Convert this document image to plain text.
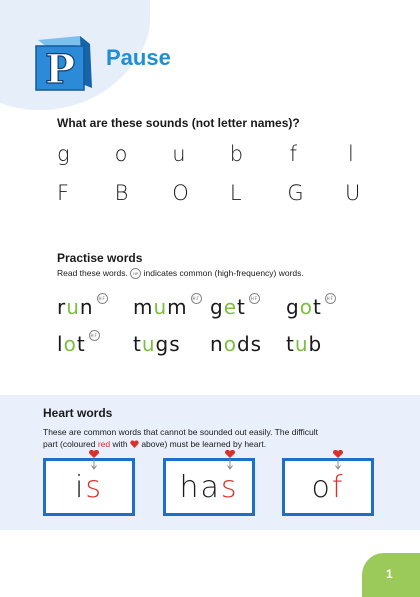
P Pause
What are these sounds (not letter names)?
g o u b f l
F B O L G U
Practise words
Read these words. HF indicates common (high-frequency) words.
run	HF mum	HF get	HF got	HF
lot	HF tugs nods tub
Heart words
These are common words that cannot be sounded out easily. The difficult
part (coloured red with  above) must be learned by heart.
i
s	ha
s	o
f
1
